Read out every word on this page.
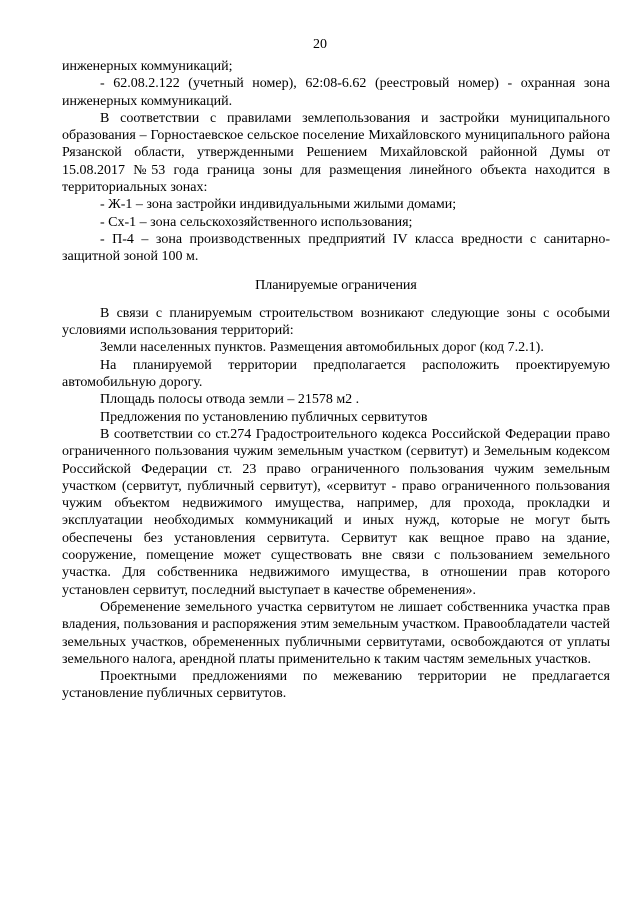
20

инженерных коммуникаций;

- 62.08.2.122 (учетный номер), 62:08-6.62 (реестровый номер) - охранная зона инженерных коммуникаций.

В соответствии с правилами землепользования и застройки муниципального образования – Горностаевское сельское поселение Михайловского муниципального района Рязанской области, утвержденными Решением Михайловской районной Думы от 15.08.2017 №53 года граница зоны для размещения линейного объекта находится в территориальных зонах:

- Ж-1 – зона застройки индивидуальными жилыми домами;

- Сх-1 – зона сельскохозяйственного использования;

- П-4 – зона производственных предприятий IV класса вредности с санитарно-защитной зоной 100 м.

Планируемые ограничения

В связи с планируемым строительством возникают следующие зоны с особыми условиями использования территорий:

Земли населенных пунктов. Размещения автомобильных дорог (код 7.2.1).

На планируемой территории предполагается расположить проектируемую автомобильную дорогу.

Площадь полосы отвода земли – 21578 м2 .

Предложения по установлению публичных сервитутов

В соответствии со ст.274 Градостроительного кодекса Российской Федерации право ограниченного пользования чужим земельным участком (сервитут) и Земельным кодексом Российской Федерации ст. 23 право ограниченного пользования чужим земельным участком (сервитут, публичный сервитут), «сервитут - право ограниченного пользования чужим объектом недвижимого имущества, например, для прохода, прокладки и эксплуатации необходимых коммуникаций и иных нужд, которые не могут быть обеспечены без установления сервитута. Сервитут как вещное право на здание, сооружение, помещение может существовать вне связи с пользованием земельного участка. Для собственника недвижимого имущества, в отношении прав которого установлен сервитут, последний выступает в качестве обременения».

Обременение земельного участка сервитутом не лишает собственника участка прав владения, пользования и распоряжения этим земельным участком. Правообладатели частей земельных участков, обремененных публичными сервитутами, освобождаются от уплаты земельного налога, арендной платы применительно к таким частям земельных участков.

Проектными предложениями по межеванию территории не предлагается установление публичных сервитутов.
